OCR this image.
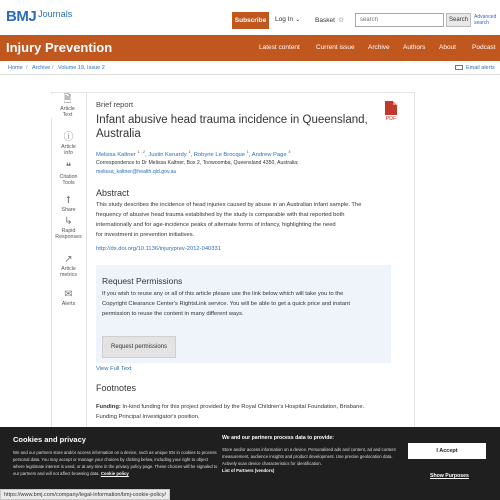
BMJ Journals
Subscribe	Log In ⌄ Basket ☆
search	Search	Advanced
search
Injury Prevention	Latest content Current issue Archive Authors About Podcast
Home / Archive / Volume 19, Issue 2	Email alerts
🗎
Article
Text
ⓘ
Article
info
❝
Citation
Tools
⭡
Share
↳
Rapid
Responses
↗
Article
metrics
✉
Alerts
PDF
Brief report
Infant abusive head trauma incidence in Queensland,
Australia
Melissa Kaltner $^{1 , 2}$, Justin Kenardy $^1$, Robyne Le Brocque $^1$, Andrew Page $^3$
Correspondence to Dr Melissa Kaltner, Box 2, Toowoomba, Queensland 4350, Australia;
melissa_kaltner@health.qld.gov.au
Abstract
This study describes the incidence of head injuries caused by abuse in an Australian infant sample. The
frequency of abusive head trauma established by the study is comparable with that reported both
internationally and for age-incidence peaks of alternate forms of infancy, highlighting the need
for investment in prevention initiatives.
http://dx.doi.org/10.1136/injuryprev-2012-040331
Request Permissions
If you wish to reuse any or all of this article please use the link below which will take you to the
Copyright Clearance Center's RightsLink service. You will be able to get a quick price and instant
permission to reuse the content in many different ways.
Request permissions
View Full Text
Footnotes
Funding: In-kind funding for this project provided by the Royal Children's Hospital Foundation, Brisbane.
Funding Principal Investigator's position.
Cookies and privacy
We and our partners store and/or access information on a device, such as unique IDs in cookies to process personal data. You may accept or manage your choices by clicking below, including your right to object where legitimate interest is used, or at any time in the privacy policy page. These choices will be signaled to our partners and will not affect browsing data. Cookie policy
We and our partners process data to provide:
Store and/or access information on a device. Personalised ads and content, ad and content measurement, audience insights and product development. Use precise geolocation data. Actively scan device characteristics for identification.
List of Partners (vendors)
I Accept
Show Purposes
https://www.bmj.com/company/legal-information/bmj-cookie-policy/
